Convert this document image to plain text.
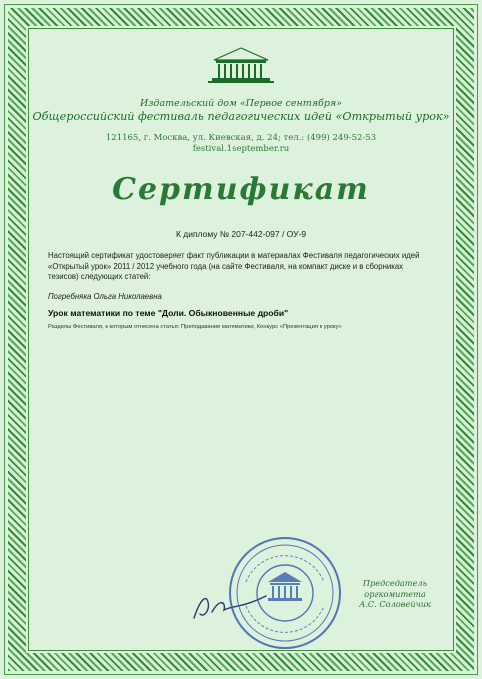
Издательский дом «Первое сентября»

Общероссийский фестиваль педагогических идей «Открытый урок»

121165, г. Москва, ул. Киевская, д. 24; тел.: (499) 249-52-53

festival.1september.ru

Сертификат

К диплому № 207-442-097 / ОУ-9

Настоящий сертификат удостоверяет факт публикации в материалах Фестиваля педагогических идей «Открытый урок» 2011 / 2012 учебного года (на сайте Фестиваля, на компакт диске и в сборниках тезисов) следующих статей:

Погребняка Ольга Николаевна

Урок математики по теме "Доли. Обыкновенные дроби"

Разделы Фестиваля, к которым отнесена статья: Преподавание математики, Конкурс «Презентация к уроку»

Председатель
оргкомитета
А.С. Соловейчик
